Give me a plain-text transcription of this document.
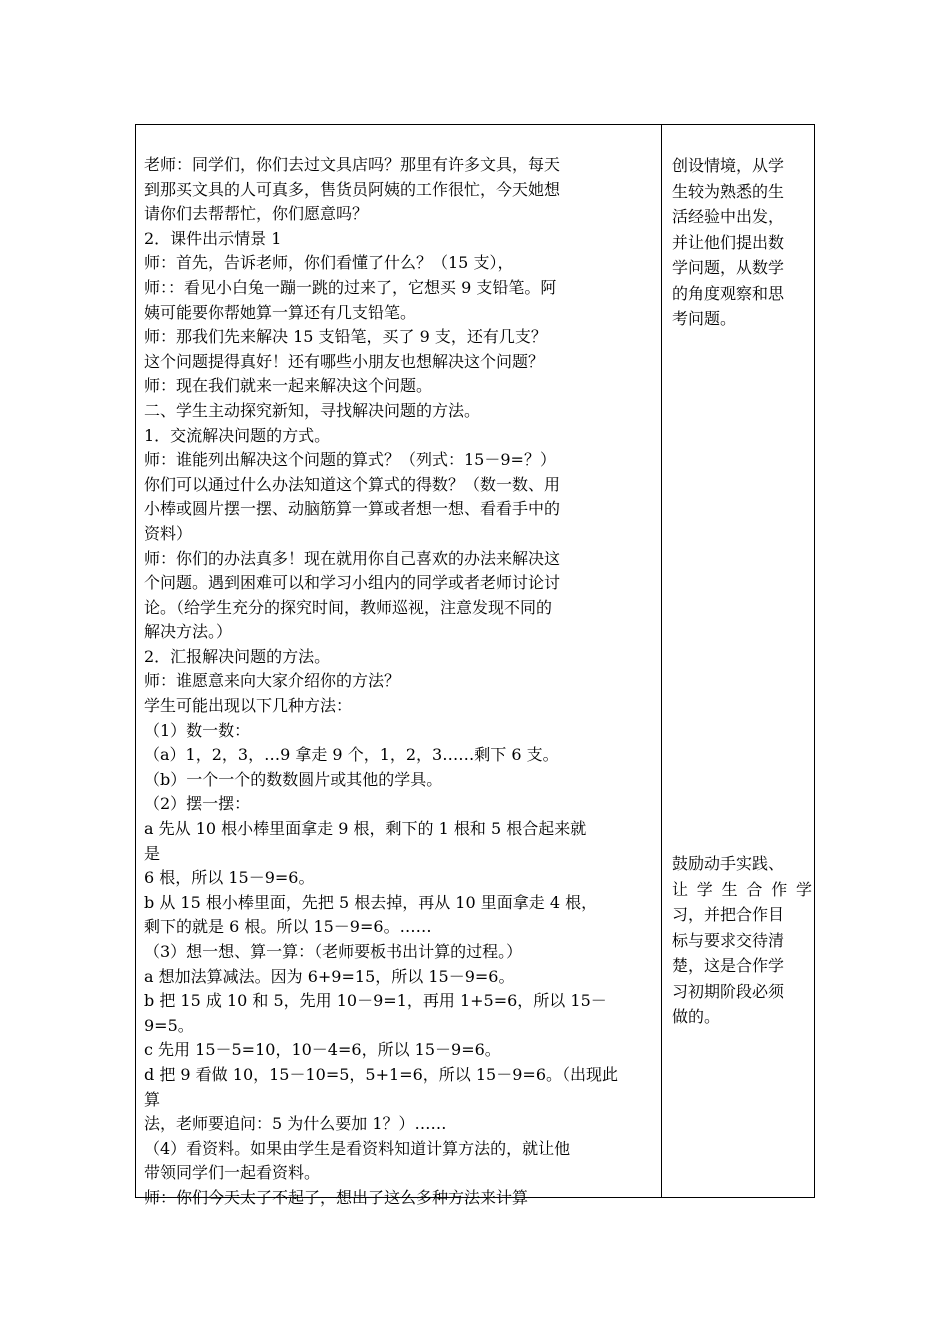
老师：同学们，你们去过文具店吗？那里有许多文具，每天
到那买文具的人可真多，售货员阿姨的工作很忙，今天她想
请你们去帮帮忙，你们愿意吗？
2．课件出示情景 1
师：首先，告诉老师，你们看懂了什么？（15 支），
师：：看见小白兔一蹦一跳的过来了，它想买 9 支铅笔。阿
姨可能要你帮她算一算还有几支铅笔。
师：那我们先来解决 15 支铅笔，买了 9 支，还有几支？
这个问题提得真好！还有哪些小朋友也想解决这个问题？
师：现在我们就来一起来解决这个问题。
二、学生主动探究新知，寻找解决问题的方法。
1．交流解决问题的方式。
师：谁能列出解决这个问题的算式？（列式：15－9=？）
你们可以通过什么办法知道这个算式的得数？（数一数、用
小棒或圆片摆一摆、动脑筋算一算或者想一想、看看手中的
资料）
师：你们的办法真多！现在就用你自己喜欢的办法来解决这
个问题。遇到困难可以和学习小组内的同学或者老师讨论讨
论。（给学生充分的探究时间，教师巡视，注意发现不同的
解决方法。）
2．汇报解决问题的方法。
师：谁愿意来向大家介绍你的方法？
学生可能出现以下几种方法：
（1）数一数：
（a）1，2，3，…9 拿走 9 个，1，2，3……剩下 6 支。
（b）一个一个的数数圆片或其他的学具。
（2）摆一摆：
a 先从 10 根小棒里面拿走 9 根，剩下的 1 根和 5 根合起来就
是
6 根，所以 15－9=6。
b 从 15 根小棒里面，先把 5 根去掉，再从 10 里面拿走 4 根，
剩下的就是 6 根。所以 15－9=6。……
（3）想一想、算一算：（老师要板书出计算的过程。）
a 想加法算减法。因为 6+9=15，所以 15－9=6。
b 把 15 成 10 和 5，先用 10－9=1，再用 1+5=6，所以 15－
9=5。
c 先用 15－5=10，10－4=6，所以 15－9=6。
d 把 9 看做 10，15－10=5，5+1=6，所以 15－9=6。（出现此
算
法，老师要追问：5 为什么要加 1？）……
（4）看资料。如果由学生是看资料知道计算方法的，就让他
带领同学们一起看资料。
师：你们今天太了不起了，想出了这么多种方法来计算
创设情境，从学
生较为熟悉的生
活经验中出发，
并让他们提出数
学问题，从数学
的角度观察和思
考问题。
鼓励动手实践、
让学生合作学
习，并把合作目
标与要求交待清
楚，这是合作学
习初期阶段必须
做的。
